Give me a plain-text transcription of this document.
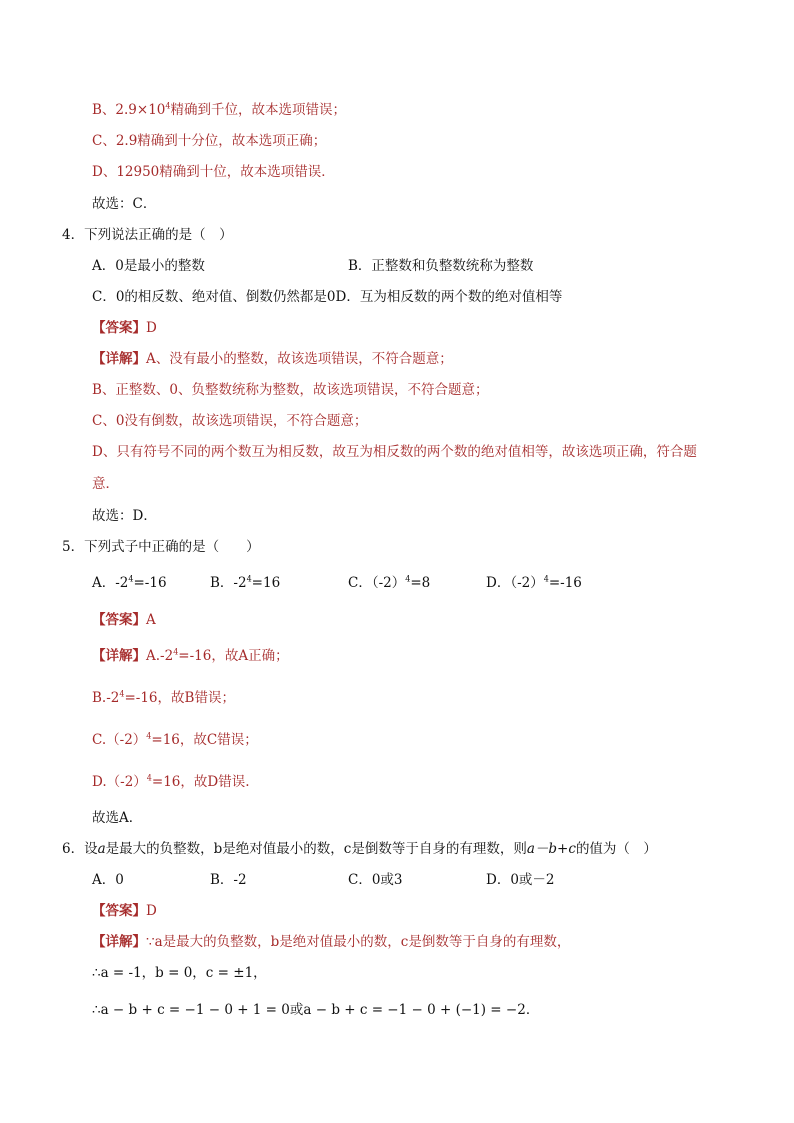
B、$2.9\times 10^4$精确到千位，故本选项错误；
C、2.9精确到十分位，故本选项正确；
D、12950精确到十位，故本选项错误．
故选：C．
4．下列说法正确的是（　）
A．0是最小的整数	B．正整数和负整数统称为整数
C．0的相反数、绝对值、倒数仍然都是0D．互为相反数的两个数的绝对值相等
【答案】D
【详解】A、没有最小的整数，故该选项错误，不符合题意；
B、正整数、0、负整数统称为整数，故该选项错误，不符合题意；
C、0没有倒数，故该选项错误，不符合题意；
D、只有符号不同的两个数互为相反数，故互为相反数的两个数的绝对值相等，故该选项正确，符合题
意．
故选：D．
5．下列式子中正确的是（　　）
A．$-2^4=-16$	B．$-2^4=16$	C．$(-2)^4=8$	D．$(-2)^4=-16$
【答案】A
【详解】$A.-2^4=-16$，故A正确；
$B.-2^4=-16$，故B错误；
$C.(-2)^4=16$，故C错误；
$D.(-2)^4=16$，故D错误.
故选A．
6．设a是最大的负整数，b是绝对值最小的数，c是倒数等于自身的有理数，则a－b+c的值为（　）
A．0	B．-2	C．0或3	D．0或－2
【答案】D
【详解】∵a是最大的负整数，b是绝对值最小的数，c是倒数等于自身的有理数，
∴a = -1，b = 0，c = ±1，
∴a − b + c = −1 − 0 + 1 = 0或a − b + c = −1 − 0 + (−1) = −2．
